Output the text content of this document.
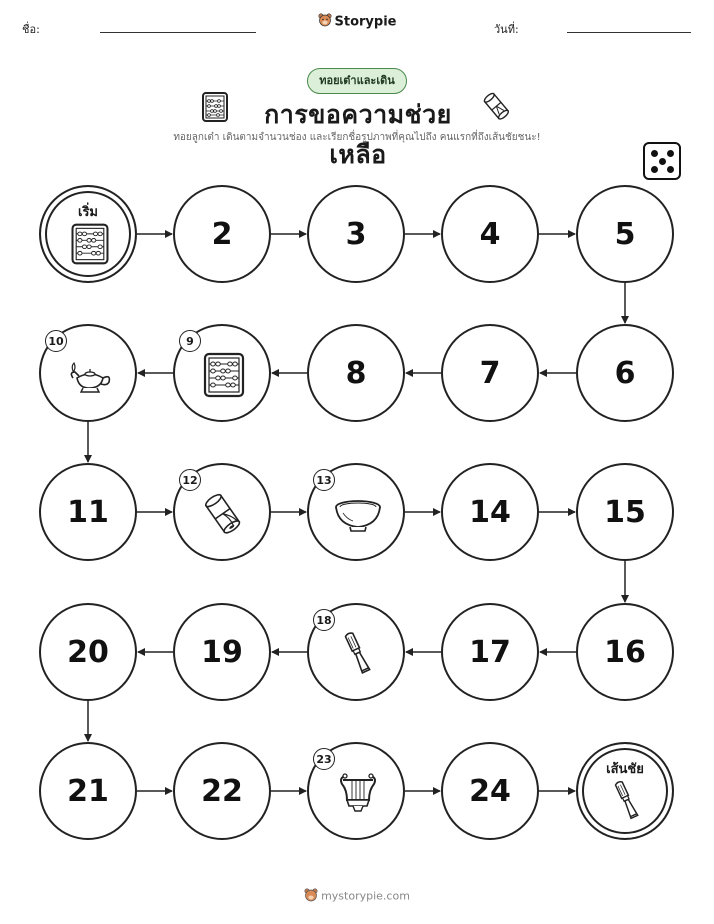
ชื่อ:	Storypie	วันที่:
ทอยเต๋าและเดิน
การขอความช่วยเหลือ
ทอยลูกเต๋า เดินตามจำนวนช่อง และเรียกชื่อรูปภาพที่คุณไปถึง คนแรกที่ถึงเส้นชัยชนะ!
เริ่ม
2	3	4	5
6
7
8
9
10
11
12	13
14	15
16
17
18
19
20
21	22
23
24
เส้นชัย
mystorypie.com
